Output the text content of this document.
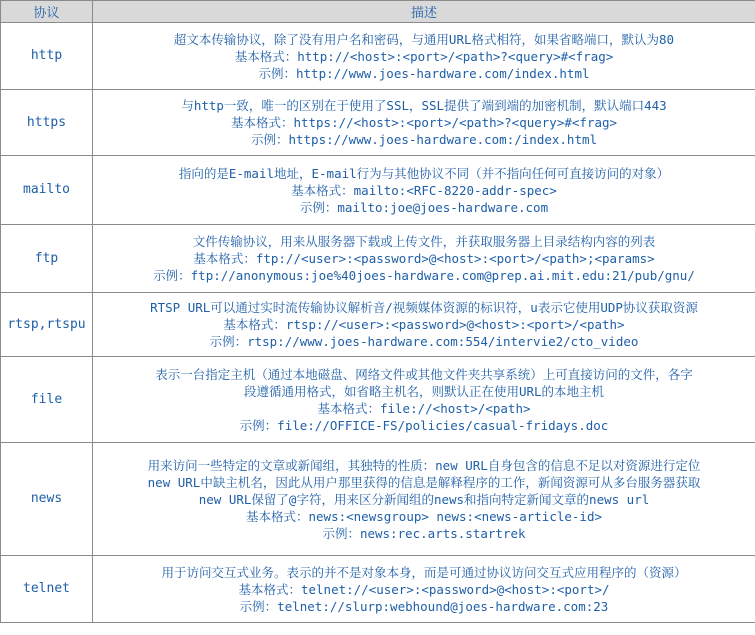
协议	描述
http	超文本传输协议，除了没有用户名和密码，与通用URL格式相符，如果省略端口，默认为80
基本格式：http://<host>:<port>/<path>?<query>#<frag>
示例：http://www.joes-hardware.com/index.html

https	与http一致，唯一的区别在于使用了SSL，SSL提供了端到端的加密机制，默认端口443
基本格式：https://<host>:<port>/<path>?<query>#<frag>
示例：https://www.joes-hardware.com:/index.html

mailto	指向的是E-mail地址，E-mail行为与其他协议不同（并不指向任何可直接访问的对象）
基本格式：mailto:<RFC-8220-addr-spec>
示例：mailto:joe@joes-hardware.com

ftp	文件传输协议，用来从服务器下载或上传文件，并获取服务器上目录结构内容的列表
基本格式：ftp://<user>:<password>@<host>:<port>/<path>;<params>
示例：ftp://anonymous:joe%40joes-hardware.com@prep.ai.mit.edu:21/pub/gnu/

rtsp,rtspu	RTSP URL可以通过实时流传输协议解析音/视频媒体资源的标识符，u表示它使用UDP协议获取资源
基本格式：rtsp://<user>:<password>@<host>:<port>/<path>
示例：rtsp://www.joes-hardware.com:554/intervie2/cto_video

file	表示一台指定主机（通过本地磁盘、网络文件或其他文件夹共享系统）上可直接访问的文件，各字
段遵循通用格式，如省略主机名，则默认正在使用URL的本地主机
基本格式：file://<host>/<path>
示例：file://OFFICE-FS/policies/casual-fridays.doc

news	用来访问一些特定的文章或新闻组，其独特的性质：new URL自身包含的信息不足以对资源进行定位
new URL中缺主机名，因此从用户那里获得的信息是解释程序的工作，新闻资源可从多台服务器获取
new URL保留了@字符，用来区分新闻组的news和指向特定新闻文章的news url
基本格式：news:<newsgroup> news:<news-article-id>
示例：news:rec.arts.startrek

telnet	用于访问交互式业务。表示的并不是对象本身，而是可通过协议访问交互式应用程序的（资源）
基本格式：telnet://<user>:<password>@<host>:<port>/
示例：telnet://slurp:webhound@joes-hardware.com:23
